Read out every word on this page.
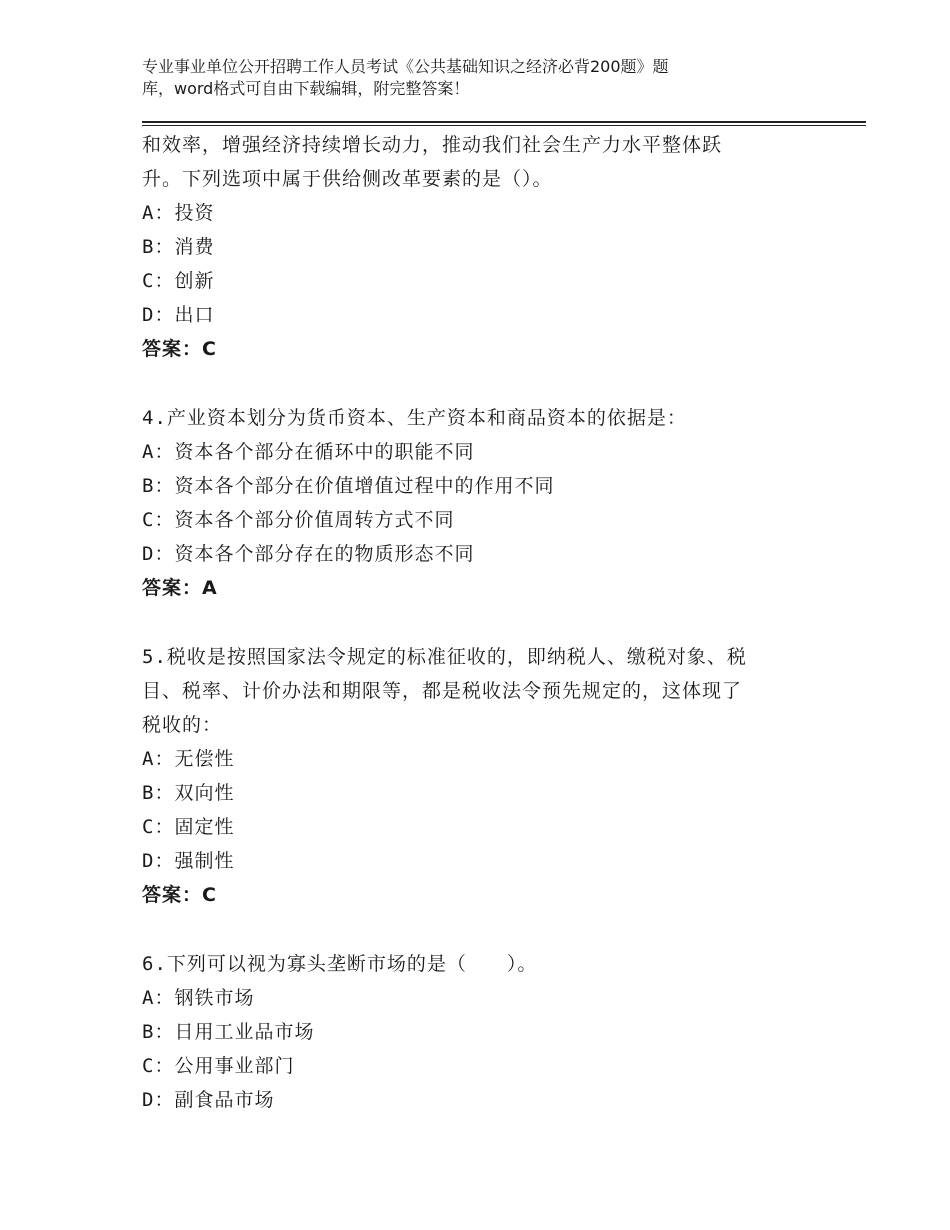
专业事业单位公开招聘工作人员考试《公共基础知识之经济必背200题》题
库，word格式可自由下载编辑，附完整答案！
和效率，增强经济持续增长动力，推动我们社会生产力水平整体跃
升。下列选项中属于供给侧改革要素的是（）。
A：投资
B：消费
C：创新
D：出口
答案：C
4.产业资本划分为货币资本、生产资本和商品资本的依据是：
A：资本各个部分在循环中的职能不同
B：资本各个部分在价值增值过程中的作用不同
C：资本各个部分价值周转方式不同
D：资本各个部分存在的物质形态不同
答案：A
5.税收是按照国家法令规定的标准征收的，即纳税人、缴税对象、税
目、税率、计价办法和期限等，都是税收法令预先规定的，这体现了
税收的：
A：无偿性
B：双向性
C：固定性
D：强制性
答案：C
6.下列可以视为寡头垄断市场的是（　　）。
A：钢铁市场
B：日用工业品市场
C：公用事业部门
D：副食品市场
